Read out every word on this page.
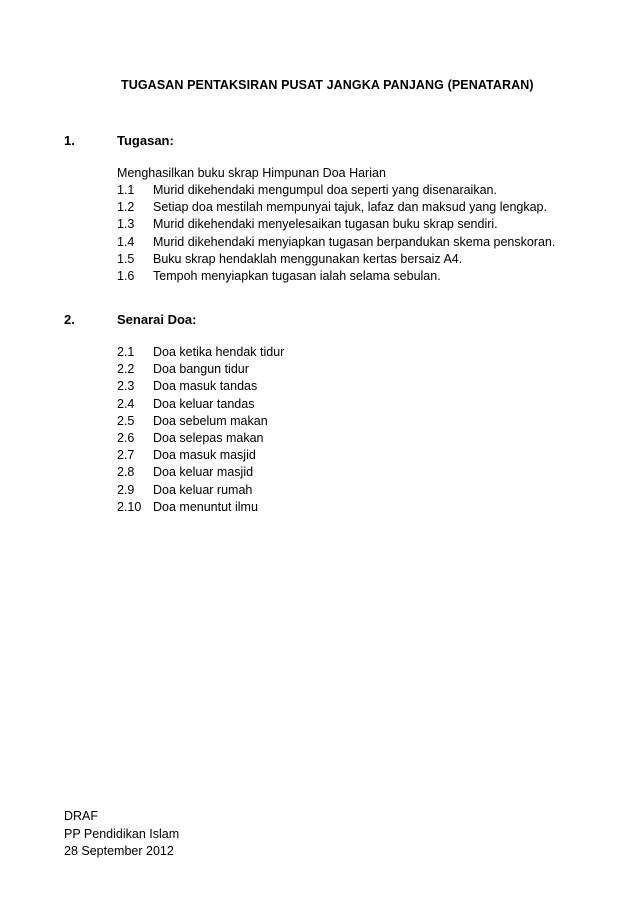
TUGASAN PENTAKSIRAN PUSAT JANGKA PANJANG (PENATARAN)
1.	Tugasan:
Menghasilkan buku skrap Himpunan Doa Harian
1.1 Murid dikehendaki mengumpul doa seperti yang disenaraikan.
1.2 Setiap doa mestilah mempunyai tajuk, lafaz dan maksud yang lengkap.
1.3 Murid dikehendaki menyelesaikan tugasan buku skrap sendiri.
1.4 Murid dikehendaki menyiapkan tugasan berpandukan skema penskoran.
1.5 Buku skrap hendaklah menggunakan kertas bersaiz A4.
1.6 Tempoh menyiapkan tugasan ialah selama sebulan.
2.	Senarai Doa:
2.1 Doa ketika hendak tidur
2.2 Doa bangun tidur
2.3 Doa masuk tandas
2.4 Doa keluar tandas
2.5 Doa sebelum makan
2.6 Doa selepas makan
2.7 Doa masuk masjid
2.8 Doa keluar masjid
2.9 Doa keluar rumah
2.10 Doa menuntut ilmu
DRAF
PP Pendidikan Islam
28 September 2012
